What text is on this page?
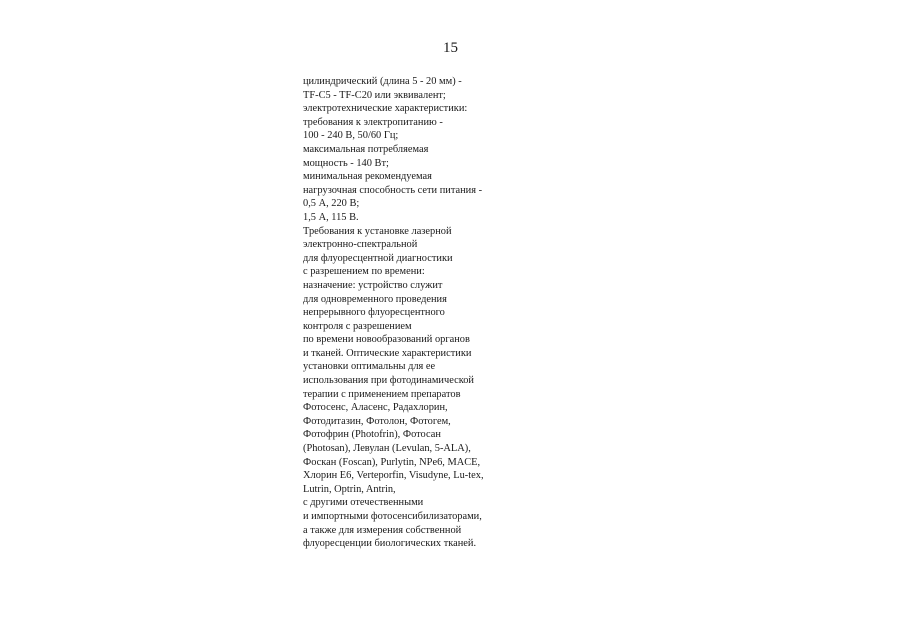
15
цилиндрический (длина 5 - 20 мм) -
TF-C5 - TF-C20 или эквивалент;
электротехнические характеристики:
требования к электропитанию -
100 - 240 В, 50/60 Гц;
максимальная потребляемая
мощность - 140 Вт;
минимальная рекомендуемая
нагрузочная способность сети питания -
0,5 А, 220 В;
1,5 А, 115 В.
Требования к установке лазерной
электронно-спектральной
для флуоресцентной диагностики
с разрешением по времени:
назначение: устройство служит
для одновременного проведения
непрерывного флуоресцентного
контроля с разрешением
по времени новообразований органов
и тканей. Оптические характеристики
установки оптимальны для ее
использования при фотодинамической
терапии с применением препаратов
Фотосенс, Аласенс, Радахлорин,
Фотодитазин, Фотолон, Фотогем,
Фотофрин (Photofrin), Фотосан
(Photosan), Левулан (Levulan, 5-ALA),
Фоскан (Foscan), Purlytin, NPe6, MACE,
Хлорин Е6, Verteporfin, Visudyne, Lu-tex,
Lutrin, Optrin, Antrin,
с другими отечественными
и импортными фотосенсибилизаторами,
а также для измерения собственной
флуоресценции биологических тканей.
